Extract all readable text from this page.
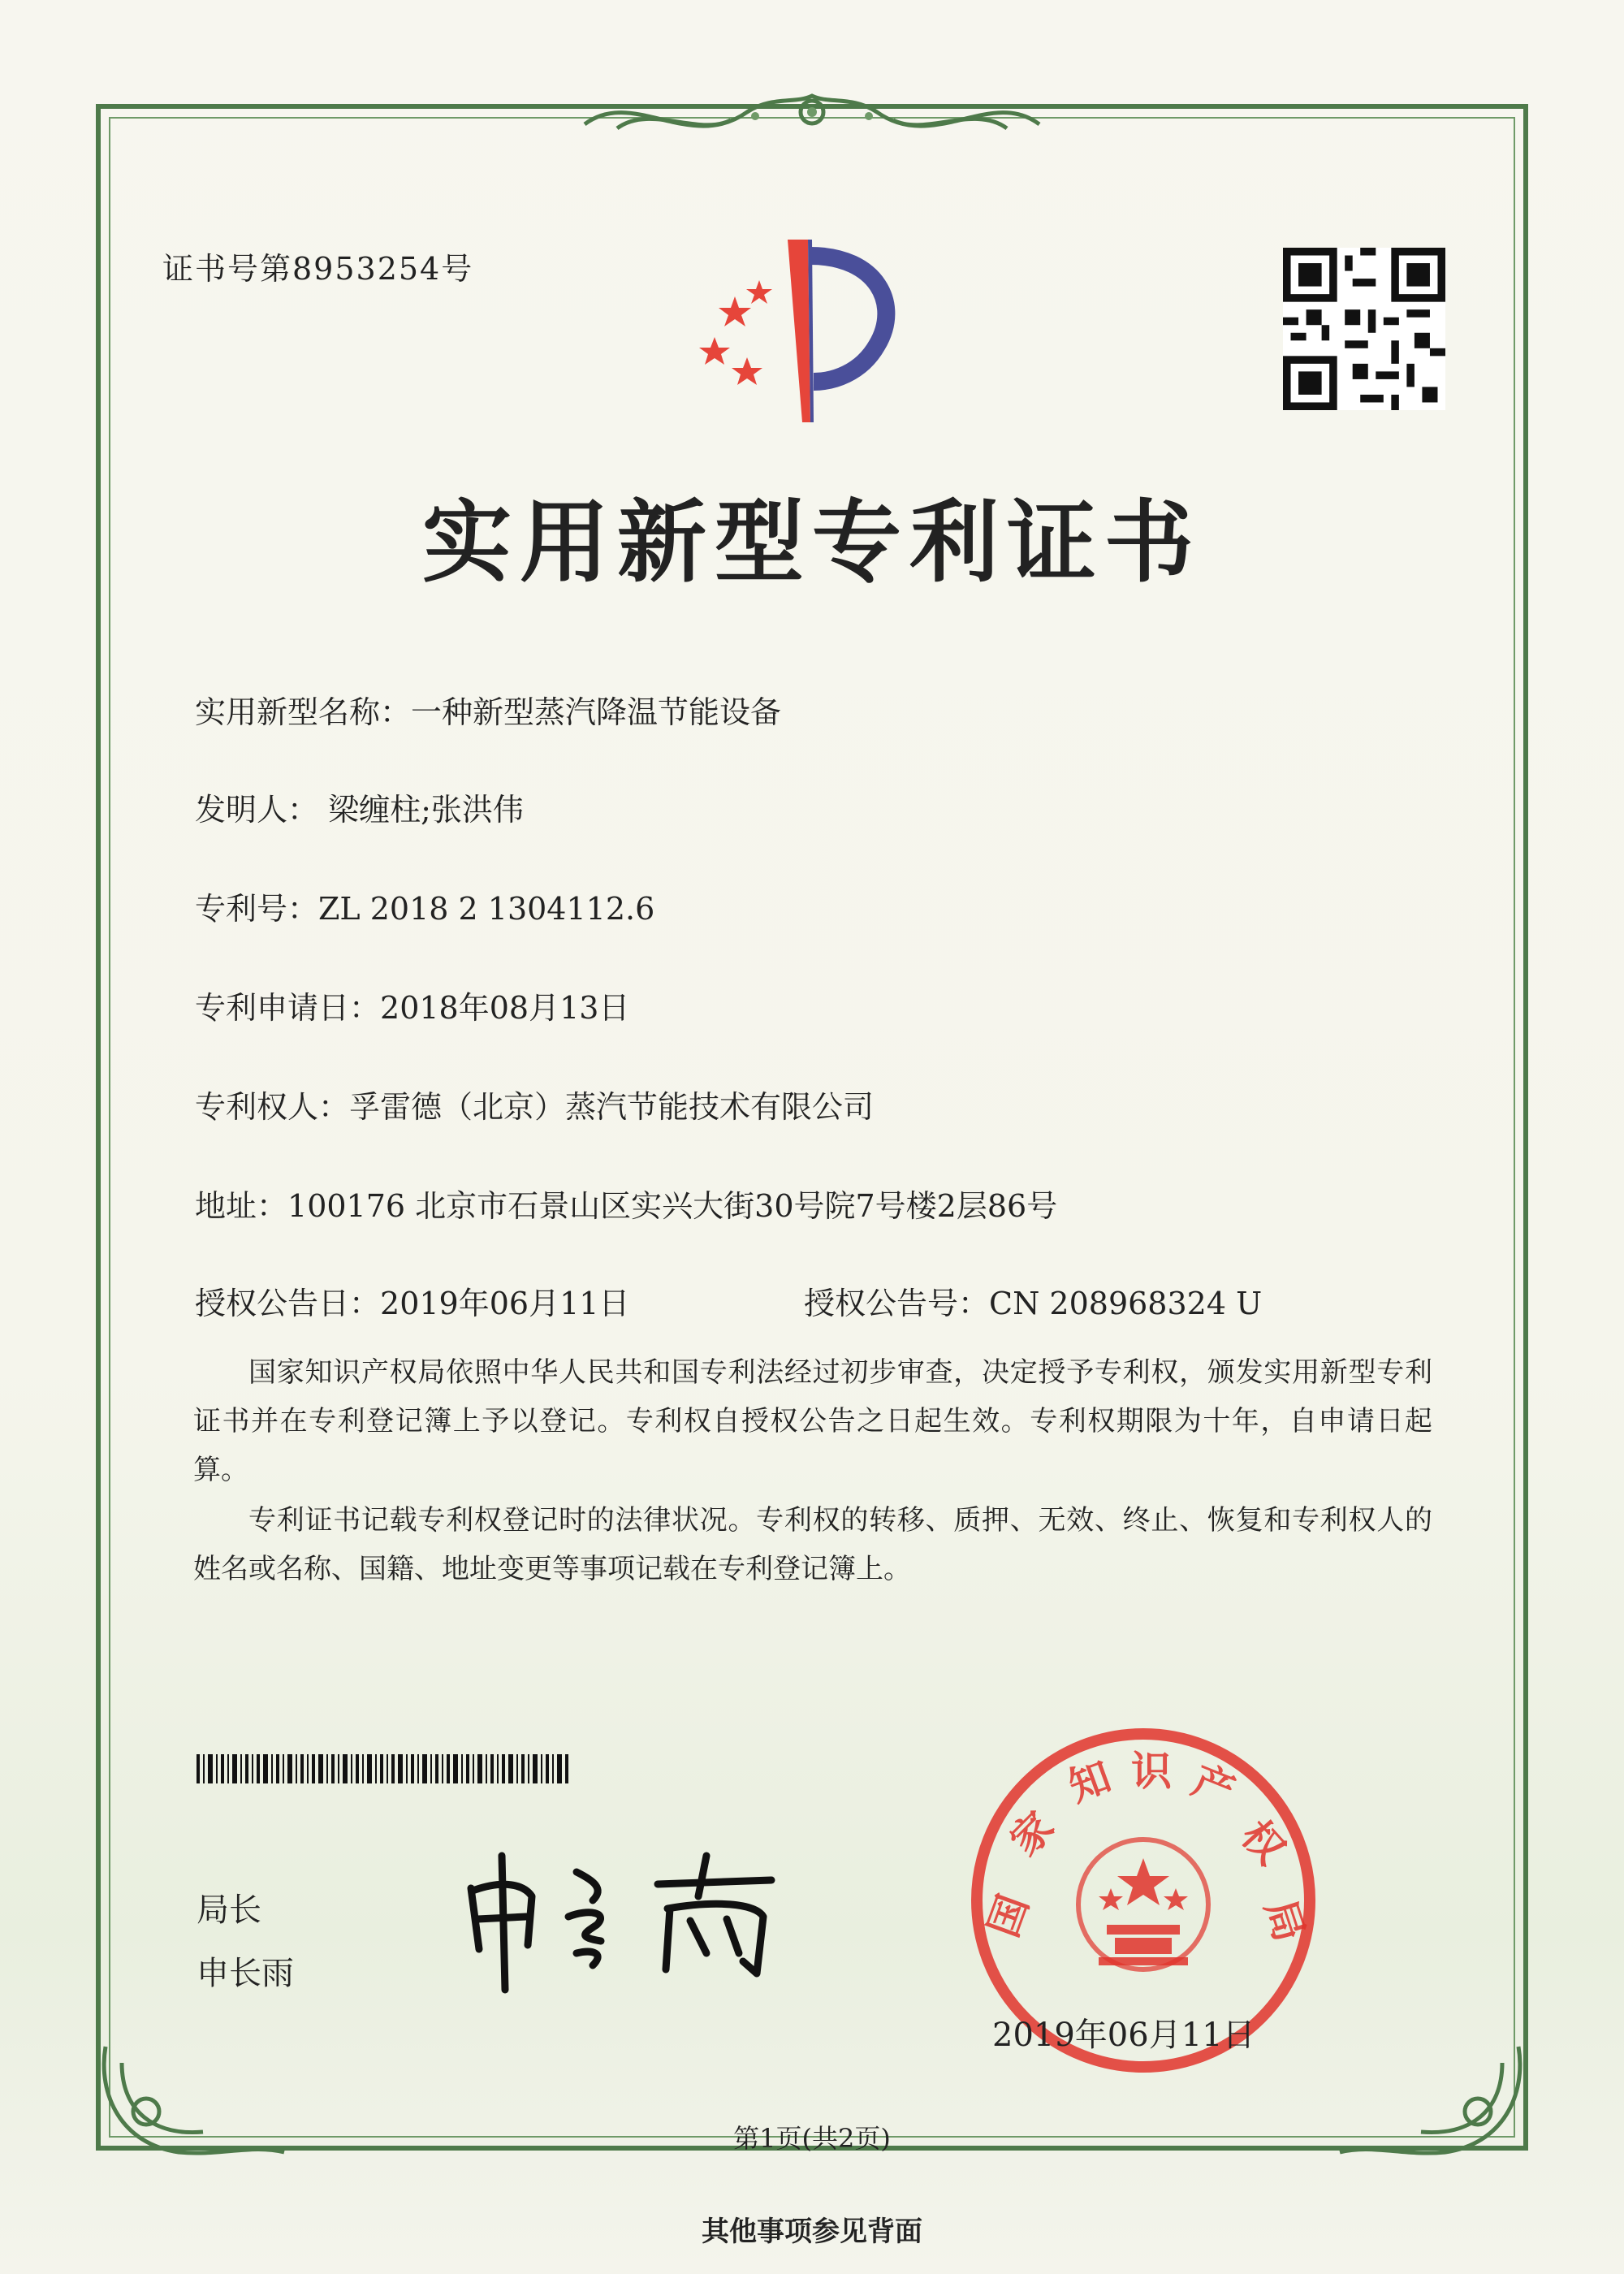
证书号第8953254号
实用新型专利证书
实用新型名称：一种新型蒸汽降温节能设备
发明人： 梁缠柱;张洪伟
专利号：ZL 2018 2 1304112.6
专利申请日：2018年08月13日
专利权人：孚雷德（北京）蒸汽节能技术有限公司
地址：100176 北京市石景山区实兴大街30号院7号楼2层86号
授权公告日：2019年06月11日	授权公告号：CN 208968324 U
国家知识产权局依照中华人民共和国专利法经过初步审查，决定授予专利权，颁发实用新型专利证书并在专利登记簿上予以登记。专利权自授权公告之日起生效。专利权期限为十年，自申请日起算。
专利证书记载专利权登记时的法律状况。专利权的转移、质押、无效、终止、恢复和专利权人的姓名或名称、国籍、地址变更等事项记载在专利登记簿上。
局长
申长雨
国
家
知 识 产
权
局
2019年06月11日
第1页(共2页)
其他事项参见背面
